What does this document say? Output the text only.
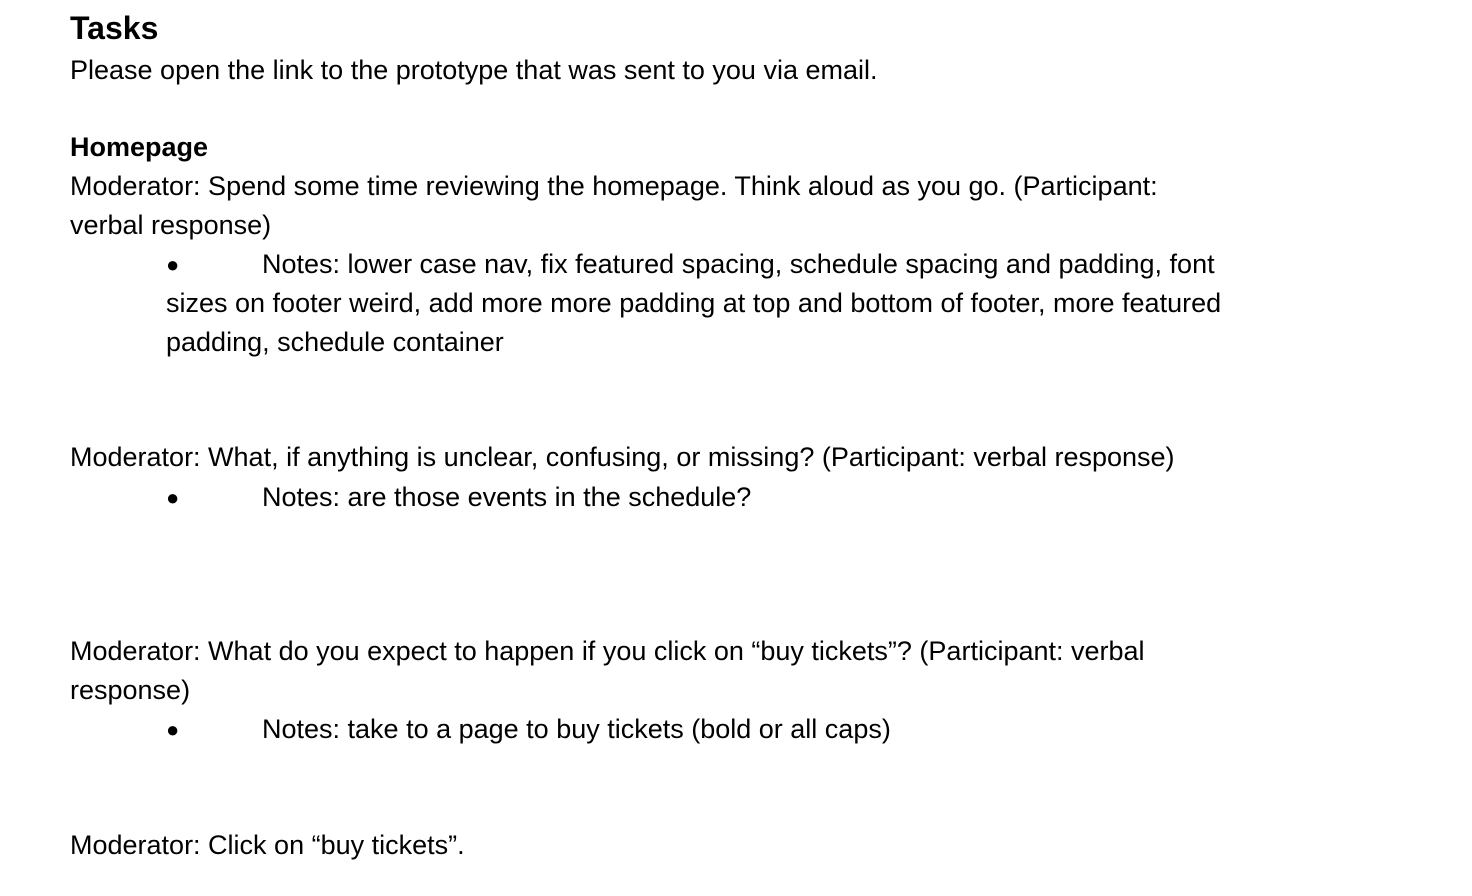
Tasks
Please open the link to the prototype that was sent to you via email.
Homepage
Moderator: Spend some time reviewing the homepage. Think aloud as you go. (Participant:
verbal response)
●	Notes: lower case nav, fix featured spacing, schedule spacing and padding, font
sizes on footer weird, add more more padding at top and bottom of footer, more featured
padding, schedule container
Moderator: What, if anything is unclear, confusing, or missing? (Participant: verbal response)
●	Notes: are those events in the schedule?
Moderator: What do you expect to happen if you click on “buy tickets”? (Participant: verbal
response)
●	Notes: take to a page to buy tickets (bold or all caps)
Moderator: Click on “buy tickets”.
